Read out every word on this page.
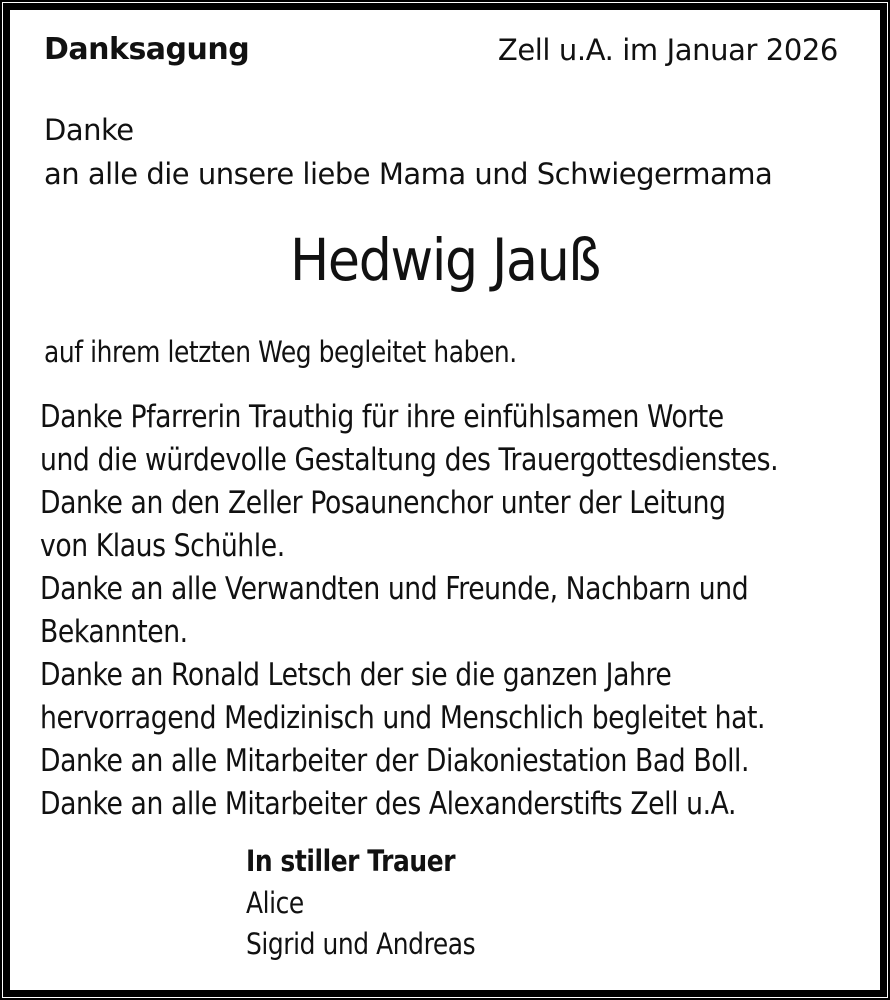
Danksagung	Zell u.A. im Januar 2026
Danke
an alle die unsere liebe Mama und Schwiegermama
Hedwig Jauß
auf ihrem letzten Weg begleitet haben.
Danke Pfarrerin Trauthig für ihre einfühlsamen Worte
und die würdevolle Gestaltung des Trauergottesdienstes.
Danke an den Zeller Posaunenchor unter der Leitung
von Klaus Schühle.
Danke an alle Verwandten und Freunde, Nachbarn und
Bekannten.
Danke an Ronald Letsch der sie die ganzen Jahre
hervorragend Medizinisch und Menschlich begleitet hat.
Danke an alle Mitarbeiter der Diakoniestation Bad Boll.
Danke an alle Mitarbeiter des Alexanderstifts Zell u.A.
In stiller Trauer
Alice
Sigrid und Andreas
